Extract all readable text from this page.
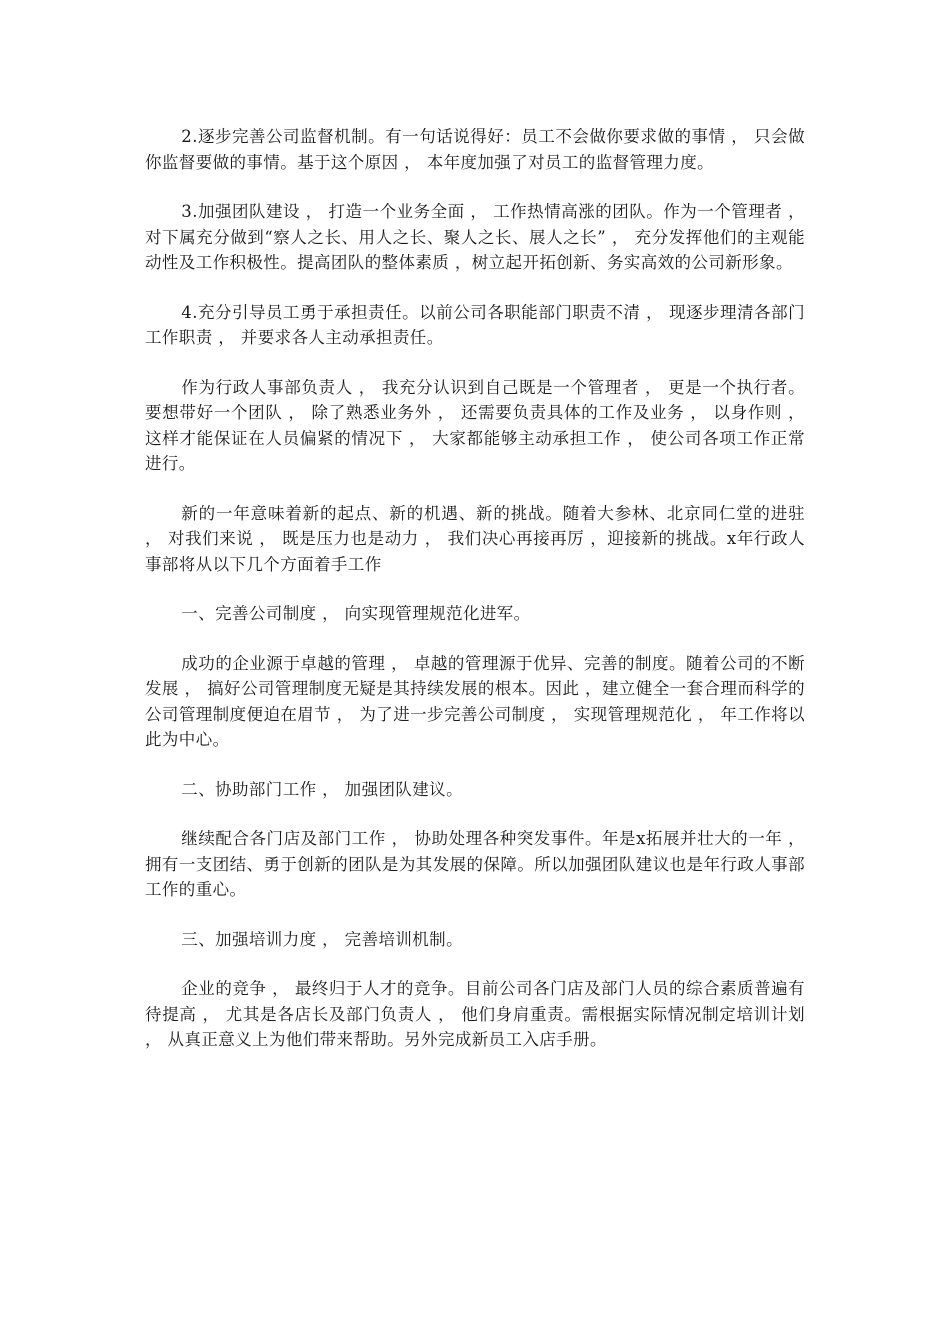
2.逐步完善公司监督机制。有一句话说得好：员工不会做你要求做的事情 ， 只会做你监督要做的事情。基于这个原因 ， 本年度加强了对员工的监督管理力度。

3.加强团队建设 ， 打造一个业务全面 ， 工作热情高涨的团队。作为一个管理者 ， 对下属充分做到“察人之长、用人之长、聚人之长、展人之长” ， 充分发挥他们的主观能动性及工作积极性。提高团队的整体素质 ，树立起开拓创新、务实高效的公司新形象。

4.充分引导员工勇于承担责任。以前公司各职能部门职责不清 ， 现逐步理清各部门工作职责 ， 并要求各人主动承担责任。

作为行政人事部负责人 ， 我充分认识到自己既是一个管理者 ， 更是一个执行者。要想带好一个团队 ， 除了熟悉业务外 ， 还需要负责具体的工作及业务 ， 以身作则 ， 这样才能保证在人员偏紧的情况下 ， 大家都能够主动承担工作 ， 使公司各项工作正常进行。

新的一年意味着新的起点、新的机遇、新的挑战。随着大参林、北京同仁堂的进驻 ， 对我们来说 ， 既是压力也是动力 ， 我们决心再接再厉 ，迎接新的挑战。x年行政人事部将从以下几个方面着手工作

一、完善公司制度 ， 向实现管理规范化进军。

成功的企业源于卓越的管理 ， 卓越的管理源于优异、完善的制度。随着公司的不断发展 ， 搞好公司管理制度无疑是其持续发展的根本。因此 ，建立健全一套合理而科学的公司管理制度便迫在眉节 ， 为了进一步完善公司制度 ， 实现管理规范化 ， 年工作将以此为中心。

二、协助部门工作 ， 加强团队建议。

继续配合各门店及部门工作 ， 协助处理各种突发事件。年是x拓展并壮大的一年 ， 拥有一支团结、勇于创新的团队是为其发展的保障。所以加强团队建议也是年行政人事部工作的重心。

三、加强培训力度 ， 完善培训机制。

企业的竞争 ， 最终归于人才的竞争。目前公司各门店及部门人员的综合素质普遍有待提高 ， 尤其是各店长及部门负责人 ， 他们身肩重责。需根据实际情况制定培训计划 ， 从真正意义上为他们带来帮助。另外完成新员工入店手册。
